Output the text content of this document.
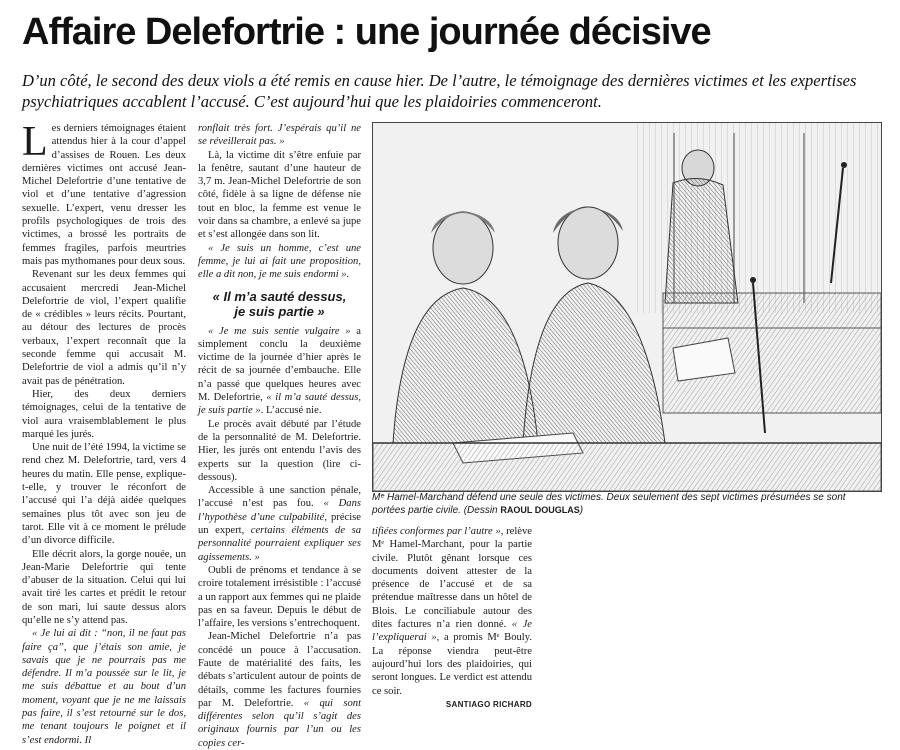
Affaire Delefortrie : une journée décisive

D’un côté, le second des deux viols a été remis en cause hier. De l’autre, le témoignage des dernières victimes et les expertises psychiatriques accablent l’accusé. C’est aujourd’hui que les plaidoiries commenceront.

Les derniers témoignages étaient attendus hier à la cour d’appel d’assises de Rouen. Les deux dernières victimes ont accusé Jean-Michel Delefortrie d’une tentative de viol et d’une tentative d’agression sexuelle. L’expert, venu dresser les profils psychologiques de trois des victimes, a brossé les portraits de femmes fragiles, parfois meurtries mais pas mythomanes pour deux sous.

Revenant sur les deux femmes qui accusaient mercredi Jean-Michel Delefortrie de viol, l’expert qualifie de « crédibles » leurs récits. Pourtant, au détour des lectures de procès verbaux, l’expert reconnaît que la seconde femme qui accusait M. Delefortrie de viol a admis qu’il n’y avait pas de pénétration.

Hier, des deux derniers témoignages, celui de la tentative de viol aura vraisemblablement le plus marqué les jurés.

Une nuit de l’été 1994, la victime se rend chez M. Delefortrie, tard, vers 4 heures du matin. Elle pense, explique-t-elle, y trouver le réconfort de l’accusé qui l’a déjà aidée quelques semaines plus tôt avec son jeu de tarot. Elle vit à ce moment le prélude d’un divorce difficile.

Elle décrit alors, la gorge nouée, un Jean-Marie Delefortrie qui tente d’abuser de la situation. Celui qui lui avait tiré les cartes et prédit le retour de son mari, lui saute dessus alors qu’elle ne s’y attend pas.

« Je lui ai dit : “non, il ne faut pas faire ça”, que j’étais son amie, je savais que je ne pourrais pas me défendre. Il m’a poussée sur le lit, je me suis débattue et au bout d’un moment, voyant que je ne me laissais pas faire, il s’est retourné sur le dos, me tenant toujours le poignet et il s’est endormi. Il

ronflait très fort. J’espérais qu’il ne se réveillerait pas. »

Là, la victime dit s’être enfuie par la fenêtre, sautant d’une hauteur de 3,7 m. Jean-Michel Delefortrie de son côté, fidèle à sa ligne de défense nie tout en bloc, la femme est venue le voir dans sa chambre, a enlevé sa jupe et s’est allongée dans son lit.

« Je suis un homme, c’est une femme, je lui ai fait une proposition, elle a dit non, je me suis endormi ».

« Il m’a sauté dessus,
je suis partie »

« Je me suis sentie vulgaire » a simplement conclu la deuxième victime de la journée d’hier après le récit de sa journée d’embauche. Elle n’a passé que quelques heures avec M. Delefortrie, « il m’a sauté dessus, je suis partie ». L’accusé nie.

Le procès avait débuté par l’étude de la personnalité de M. Delefortrie. Hier, les jurés ont entendu l’avis des experts sur la question (lire ci-dessous).

Accessible à une sanction pénale, l’accusé n’est pas fou. « Dans l’hypothèse d’une culpabilité, précise un expert, certains éléments de sa personnalité pourraient expliquer ses agissements. »

Oubli de prénoms et tendance à se croire totalement irrésistible : l’accusé a un rapport aux femmes qui ne plaide pas en sa faveur. Depuis le début de l’affaire, les versions s’entrechoquent.

Jean-Michel Delefortrie n’a pas concédé un pouce à l’accusation. Faute de matérialité des faits, les débats s’articulent autour de points de détails, comme les factures fournies par M. Delefortrie. « qui sont différentes selon qu’il s’agit des originaux fournis par l’un ou les copies cer-

Mᵉ Hamel-Marchand défend une seule des victimes. Deux seulement des sept victimes présumées se sont portées partie civile. (Dessin RAOUL DOUGLAS)

tifiées conformes par l’autre », relève Mᵉ Hamel-Marchant, pour la partie civile. Plutôt gênant lorsque ces documents doivent attester de la présence de l’accusé et de sa prétendue maîtresse dans un hôtel de Blois. Le conciliabule autour des dites factures n’a rien donné. « Je l’expliquerai », a promis Mᵉ Bouly. La réponse viendra peut-être aujourd’hui lors des plaidoiries, qui seront longues. Le verdict est attendu ce soir.

SANTIAGO RICHARD
